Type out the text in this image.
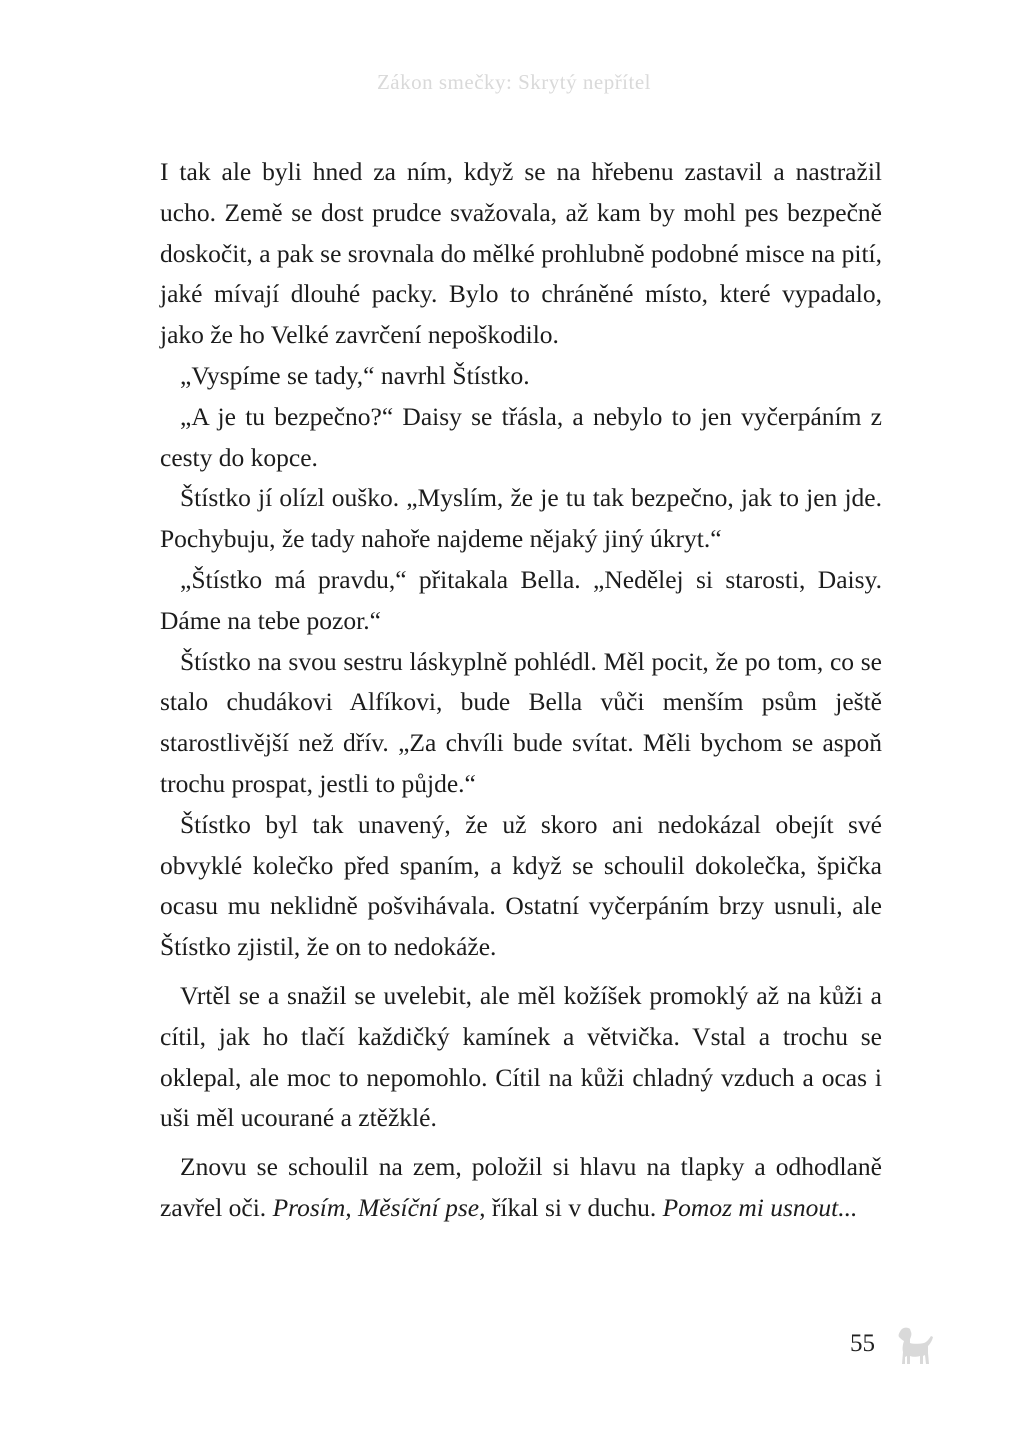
Zákon smečky: Skrytý nepřítel

I tak ale byli hned za ním, když se na hřebenu zastavil a nastražil ucho. Země se dost prudce svažovala, až kam by mohl pes bezpečně doskočit, a pak se srovnala do mělké prohlubně podobné misce na pití, jaké mívají dlouhé packy. Bylo to chráněné místo, které vypadalo, jako že ho Velké zavrčení nepoškodilo.

„Vyspíme se tady,“ navrhl Štístko.

„A je tu bezpečno?“ Daisy se třásla, a nebylo to jen vyčerpáním z cesty do kopce.

Štístko jí olízl ouško. „Myslím, že je tu tak bezpečno, jak to jen jde. Pochybuju, že tady nahoře najdeme nějaký jiný úkryt.“

„Štístko má pravdu,“ přitakala Bella. „Nedělej si starosti, Daisy. Dáme na tebe pozor.“

Štístko na svou sestru láskyplně pohlédl. Měl pocit, že po tom, co se stalo chudákovi Alfíkovi, bude Bella vůči menším psům ještě starostlivější než dřív. „Za chvíli bude svítat. Měli bychom se aspoň trochu prospat, jestli to půjde.“

Štístko byl tak unavený, že už skoro ani nedokázal obejít své obvyklé kolečko před spaním, a když se schoulil dokolečka, špička ocasu mu neklidně pošvihávala. Ostatní vyčerpáním brzy usnuli, ale Štístko zjistil, že on to nedokáže.

Vrtěl se a snažil se uvelebit, ale měl kožíšek promoklý až na kůži a cítil, jak ho tlačí každičký kamínek a větvička. Vstal a trochu se oklepal, ale moc to nepomohlo. Cítil na kůži chladný vzduch a ocas i uši měl ucourané a ztěžklé.

Znovu se schoulil na zem, položil si hlavu na tlapky a odhodlaně zavřel oči. Prosím, Měsíční pse, říkal si v duchu. Pomoz mi usnout...

55
